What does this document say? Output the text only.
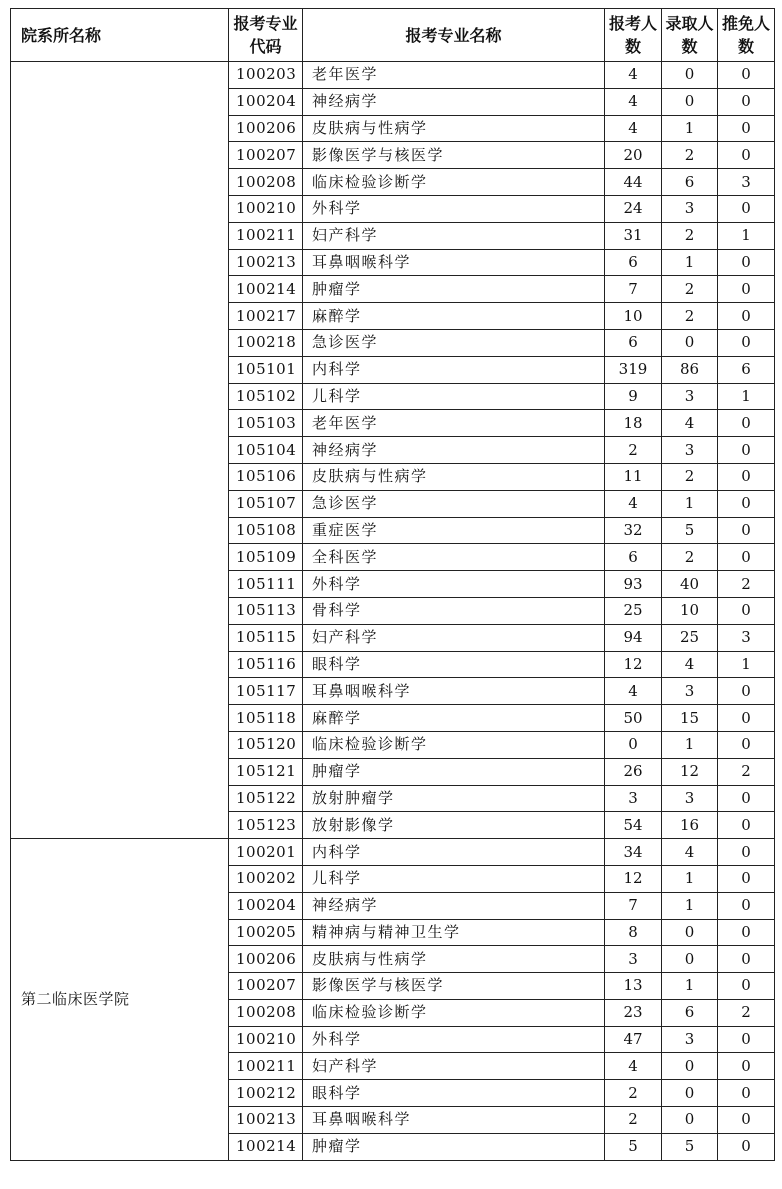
院系所名称	报考专业代码	报考专业名称	报考人数	录取人数	推免人数
	100203	老年医学	4	0	0
	100204	神经病学	4	0	0
	100206	皮肤病与性病学	4	1	0
	100207	影像医学与核医学	20	2	0
	100208	临床检验诊断学	44	6	3
	100210	外科学	24	3	0
	100211	妇产科学	31	2	1
	100213	耳鼻咽喉科学	6	1	0
	100214	肿瘤学	7	2	0
	100217	麻醉学	10	2	0
	100218	急诊医学	6	0	0
	105101	内科学	319	86	6
	105102	儿科学	9	3	1
	105103	老年医学	18	4	0
	105104	神经病学	2	3	0
	105106	皮肤病与性病学	11	2	0
	105107	急诊医学	4	1	0
	105108	重症医学	32	5	0
	105109	全科医学	6	2	0
	105111	外科学	93	40	2
	105113	骨科学	25	10	0
	105115	妇产科学	94	25	3
	105116	眼科学	12	4	1
	105117	耳鼻咽喉科学	4	3	0
	105118	麻醉学	50	15	0
	105120	临床检验诊断学	0	1	0
	105121	肿瘤学	26	12	2
	105122	放射肿瘤学	3	3	0
	105123	放射影像学	54	16	0
第二临床医学院	100201	内科学	34	4	0
	100202	儿科学	12	1	0
	100204	神经病学	7	1	0
	100205	精神病与精神卫生学	8	0	0
	100206	皮肤病与性病学	3	0	0
	100207	影像医学与核医学	13	1	0
	100208	临床检验诊断学	23	6	2
	100210	外科学	47	3	0
	100211	妇产科学	4	0	0
	100212	眼科学	2	0	0
	100213	耳鼻咽喉科学	2	0	0
	100214	肿瘤学	5	5	0
